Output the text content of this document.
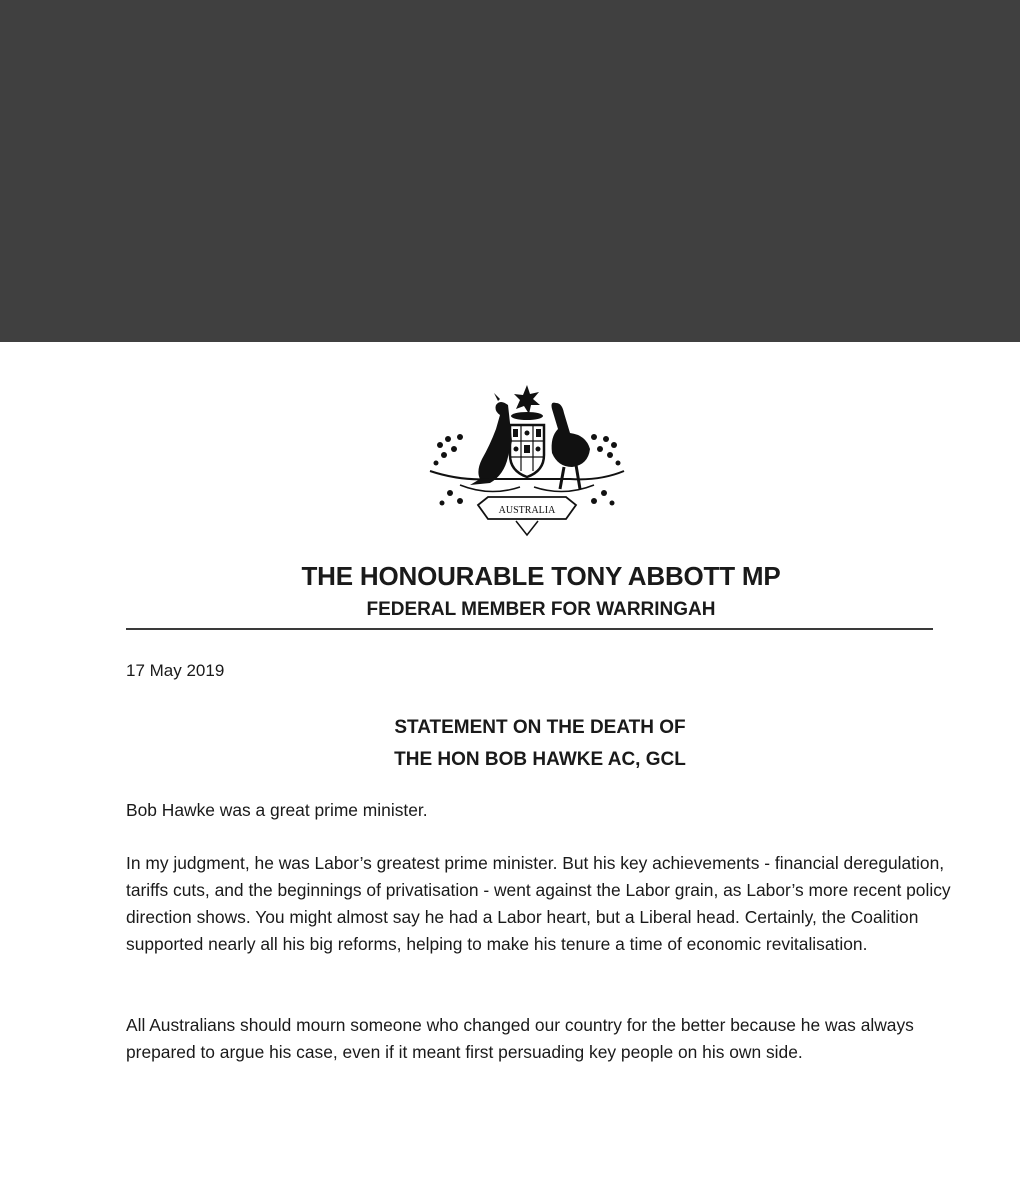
AUSTRALIA
THE HONOURABLE TONY ABBOTT MP
FEDERAL MEMBER FOR WARRINGAH
17 May 2019
STATEMENT ON THE DEATH OF
THE HON BOB HAWKE AC, GCL
Bob Hawke was a great prime minister.
In my judgment, he was Labor’s greatest prime minister. But his key achievements - financial deregulation, tariffs cuts, and the beginnings of privatisation - went against the Labor grain, as Labor’s more recent policy direction shows. You might almost say he had a Labor heart, but a Liberal head. Certainly, the Coalition supported nearly all his big reforms, helping to make his tenure a time of economic revitalisation.
All Australians should mourn someone who changed our country for the better because he was always prepared to argue his case, even if it meant first persuading key people on his own side.
